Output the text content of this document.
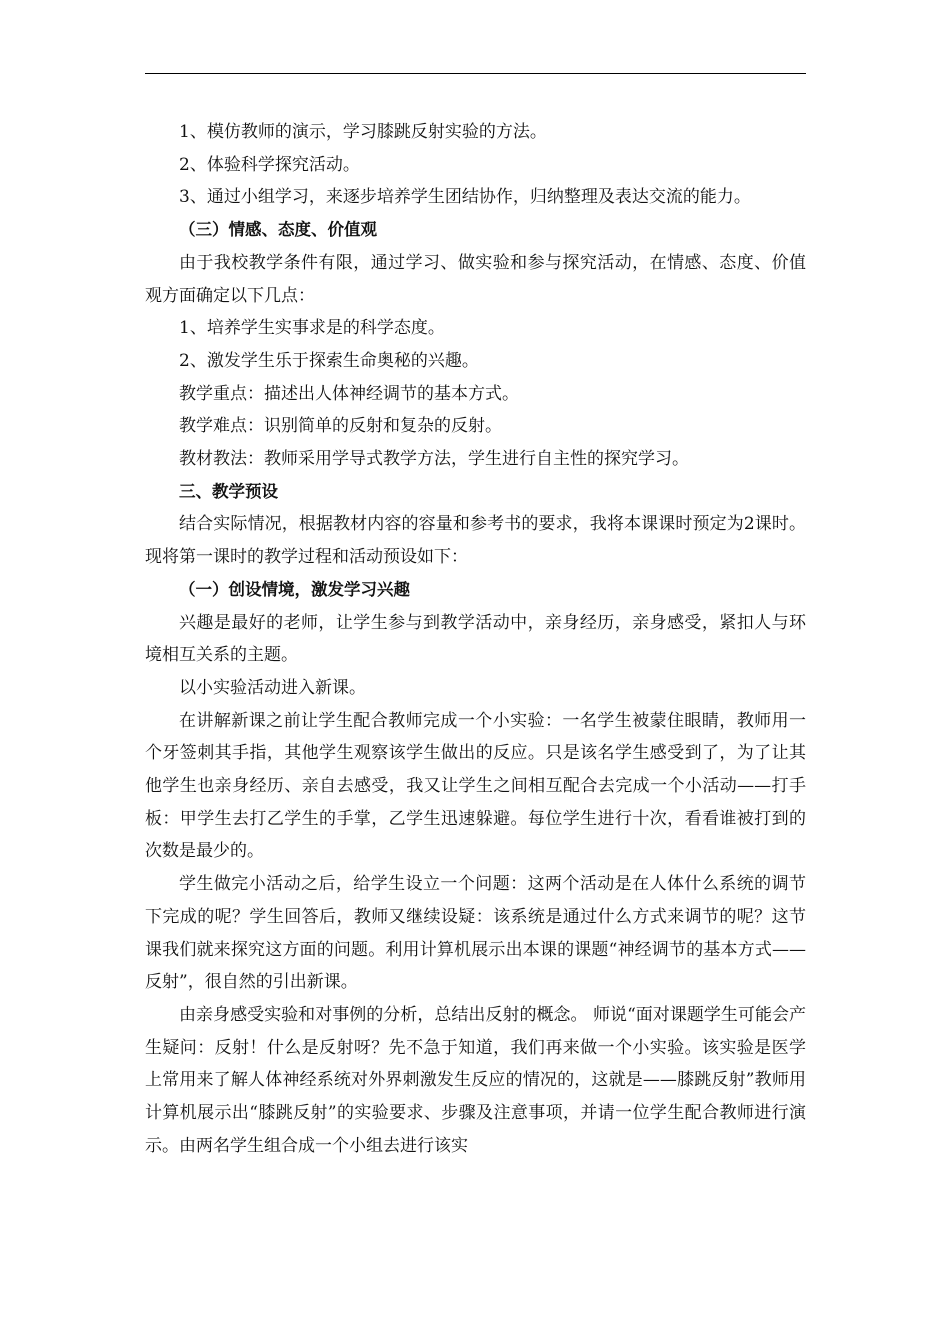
1、模仿教师的演示，学习膝跳反射实验的方法。

2、体验科学探究活动。

3、通过小组学习，来逐步培养学生团结协作，归纳整理及表达交流的能力。

（三）情感、态度、价值观

由于我校教学条件有限，通过学习、做实验和参与探究活动，在情感、态度、价值观方面确定以下几点：

1、培养学生实事求是的科学态度。

2、激发学生乐于探索生命奥秘的兴趣。

教学重点：描述出人体神经调节的基本方式。

教学难点：识别简单的反射和复杂的反射。

教材教法：教师采用学导式教学方法，学生进行自主性的探究学习。

三、教学预设

结合实际情况，根据教材内容的容量和参考书的要求，我将本课课时预定为2课时。现将第一课时的教学过程和活动预设如下：

（一）创设情境，激发学习兴趣

兴趣是最好的老师，让学生参与到教学活动中，亲身经历，亲身感受，紧扣人与环境相互关系的主题。

以小实验活动进入新课。

在讲解新课之前让学生配合教师完成一个小实验：一名学生被蒙住眼睛，教师用一个牙签刺其手指，其他学生观察该学生做出的反应。只是该名学生感受到了，为了让其他学生也亲身经历、亲自去感受，我又让学生之间相互配合去完成一个小活动——打手板：甲学生去打乙学生的手掌，乙学生迅速躲避。每位学生进行十次，看看谁被打到的次数是最少的。

学生做完小活动之后，给学生设立一个问题：这两个活动是在人体什么系统的调节下完成的呢？学生回答后，教师又继续设疑：该系统是通过什么方式来调节的呢？这节课我们就来探究这方面的问题。利用计算机展示出本课的课题“神经调节的基本方式——反射”，很自然的引出新课。

由亲身感受实验和对事例的分析，总结出反射的概念。 师说“面对课题学生可能会产生疑问：反射！什么是反射呀？先不急于知道，我们再来做一个小实验。该实验是医学上常用来了解人体神经系统对外界刺激发生反应的情况的，这就是——膝跳反射”教师用计算机展示出“膝跳反射”的实验要求、步骤及注意事项，并请一位学生配合教师进行演示。由两名学生组合成一个小组去进行该实
